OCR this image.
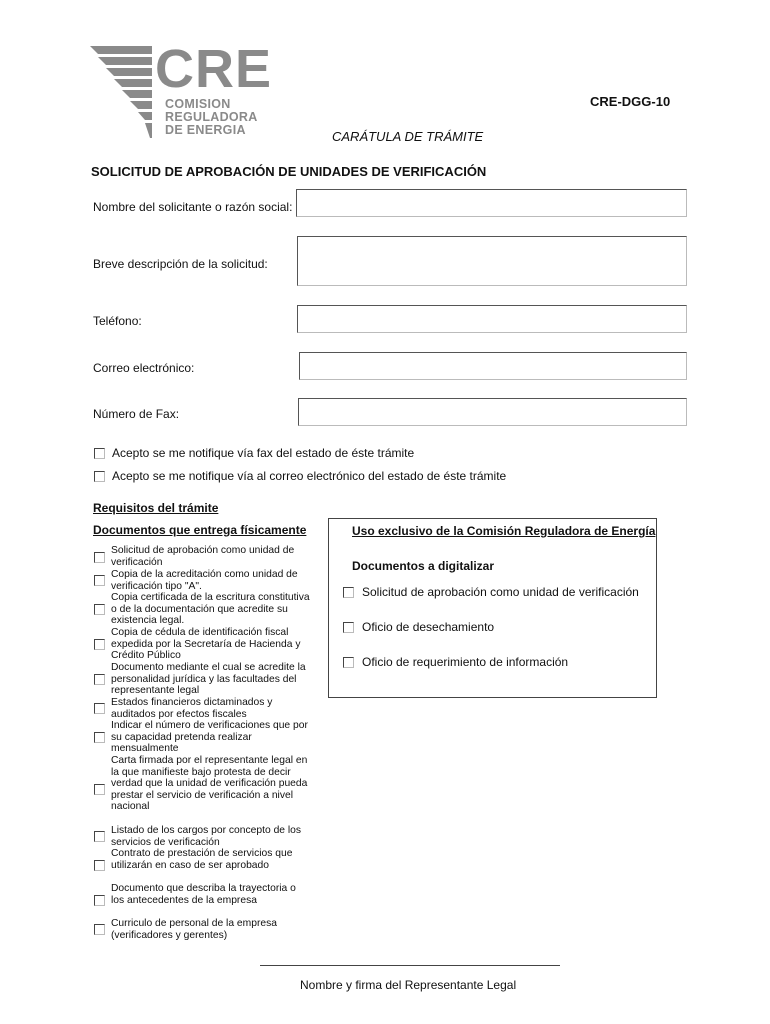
CRE
COMISION
REGULADORA
DE ENERGIA
CRE-DGG-10
CARÁTULA DE TRÁMITE
SOLICITUD DE APROBACIÓN DE UNIDADES DE VERIFICACIÓN
Nombre del solicitante o razón social:
Breve descripción de la solicitud:
Teléfono:
Correo electrónico:
Número de Fax:
Acepto se me notifique vía fax del estado de éste trámite
Acepto se me notifique vía al correo electrónico del estado de éste trámite
Requisitos del trámite
Documentos que entrega físicamente
Solicitud de aprobación como unidad de verificación
Copia de la acreditación como unidad de verificación tipo "A".
Copia certificada de la escritura constitutiva o de la documentación que acredite su existencia legal.
Copia de cédula de identificación fiscal expedida por la Secretaría de Hacienda y Crédito Público
Documento mediante el cual se acredite la personalidad jurídica y las facultades del representante legal
Estados financieros dictaminados y auditados por efectos fiscales
Indicar el número de verificaciones que por su capacidad pretenda realizar mensualmente
Carta firmada por el representante legal en la que manifieste bajo protesta de decir verdad que la unidad de verificación pueda prestar el servicio de verificación a nivel nacional
Listado de los cargos por concepto de los servicios de verificación
Contrato de prestación de servicios que utilizarán en caso de ser aprobado
Documento que describa la trayectoria o los antecedentes de la empresa
Curriculo de personal de la empresa (verificadores y gerentes)
Uso exclusivo de la Comisión Reguladora de Energía
Documentos a digitalizar
Solicitud de aprobación como unidad de verificación
Oficio de desechamiento
Oficio de requerimiento de información
Nombre y firma del Representante Legal
